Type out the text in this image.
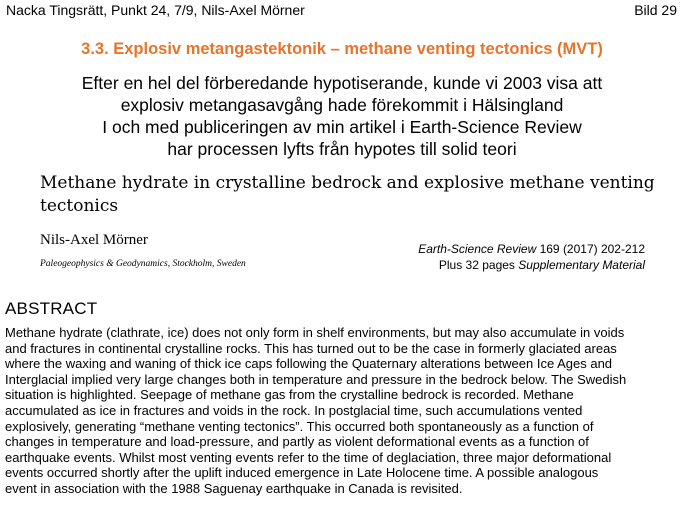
Nacka Tingsrätt, Punkt 24, 7/9, Nils-Axel Mörner	Bild 29
3.3. Explosiv metangastektonik – methane venting tectonics (MVT)
Efter en hel del förberedande hypotiserande, kunde vi 2003 visa att
explosiv metangasavgång hade förekommit i Hälsingland
I och med publiceringen av min artikel i Earth-Science Review
har processen lyfts från hypotes till solid teori
Methane hydrate in crystalline bedrock and explosive methane venting
tectonics
Nils-Axel Mörner
Paleogeophysics & Geodynamics, Stockholm, Sweden
Earth-Science Review 169 (2017) 202-212
Plus 32 pages Supplementary Material
ABSTRACT
Methane hydrate (clathrate, ice) does not only form in shelf environments, but may also accumulate in voids
and fractures in continental crystalline rocks. This has turned out to be the case in formerly glaciated areas
where the waxing and waning of thick ice caps following the Quaternary alterations between Ice Ages and
Interglacial implied very large changes both in temperature and pressure in the bedrock below. The Swedish
situation is highlighted. Seepage of methane gas from the crystalline bedrock is recorded. Methane
accumulated as ice in fractures and voids in the rock. In postglacial time, such accumulations vented
explosively, generating “methane venting tectonics”. This occurred both spontaneously as a function of
changes in temperature and load-pressure, and partly as violent deformational events as a function of
earthquake events. Whilst most venting events refer to the time of deglaciation, three major deformational
events occurred shortly after the uplift induced emergence in Late Holocene time. A possible analogous
event in association with the 1988 Saguenay earthquake in Canada is revisited.
